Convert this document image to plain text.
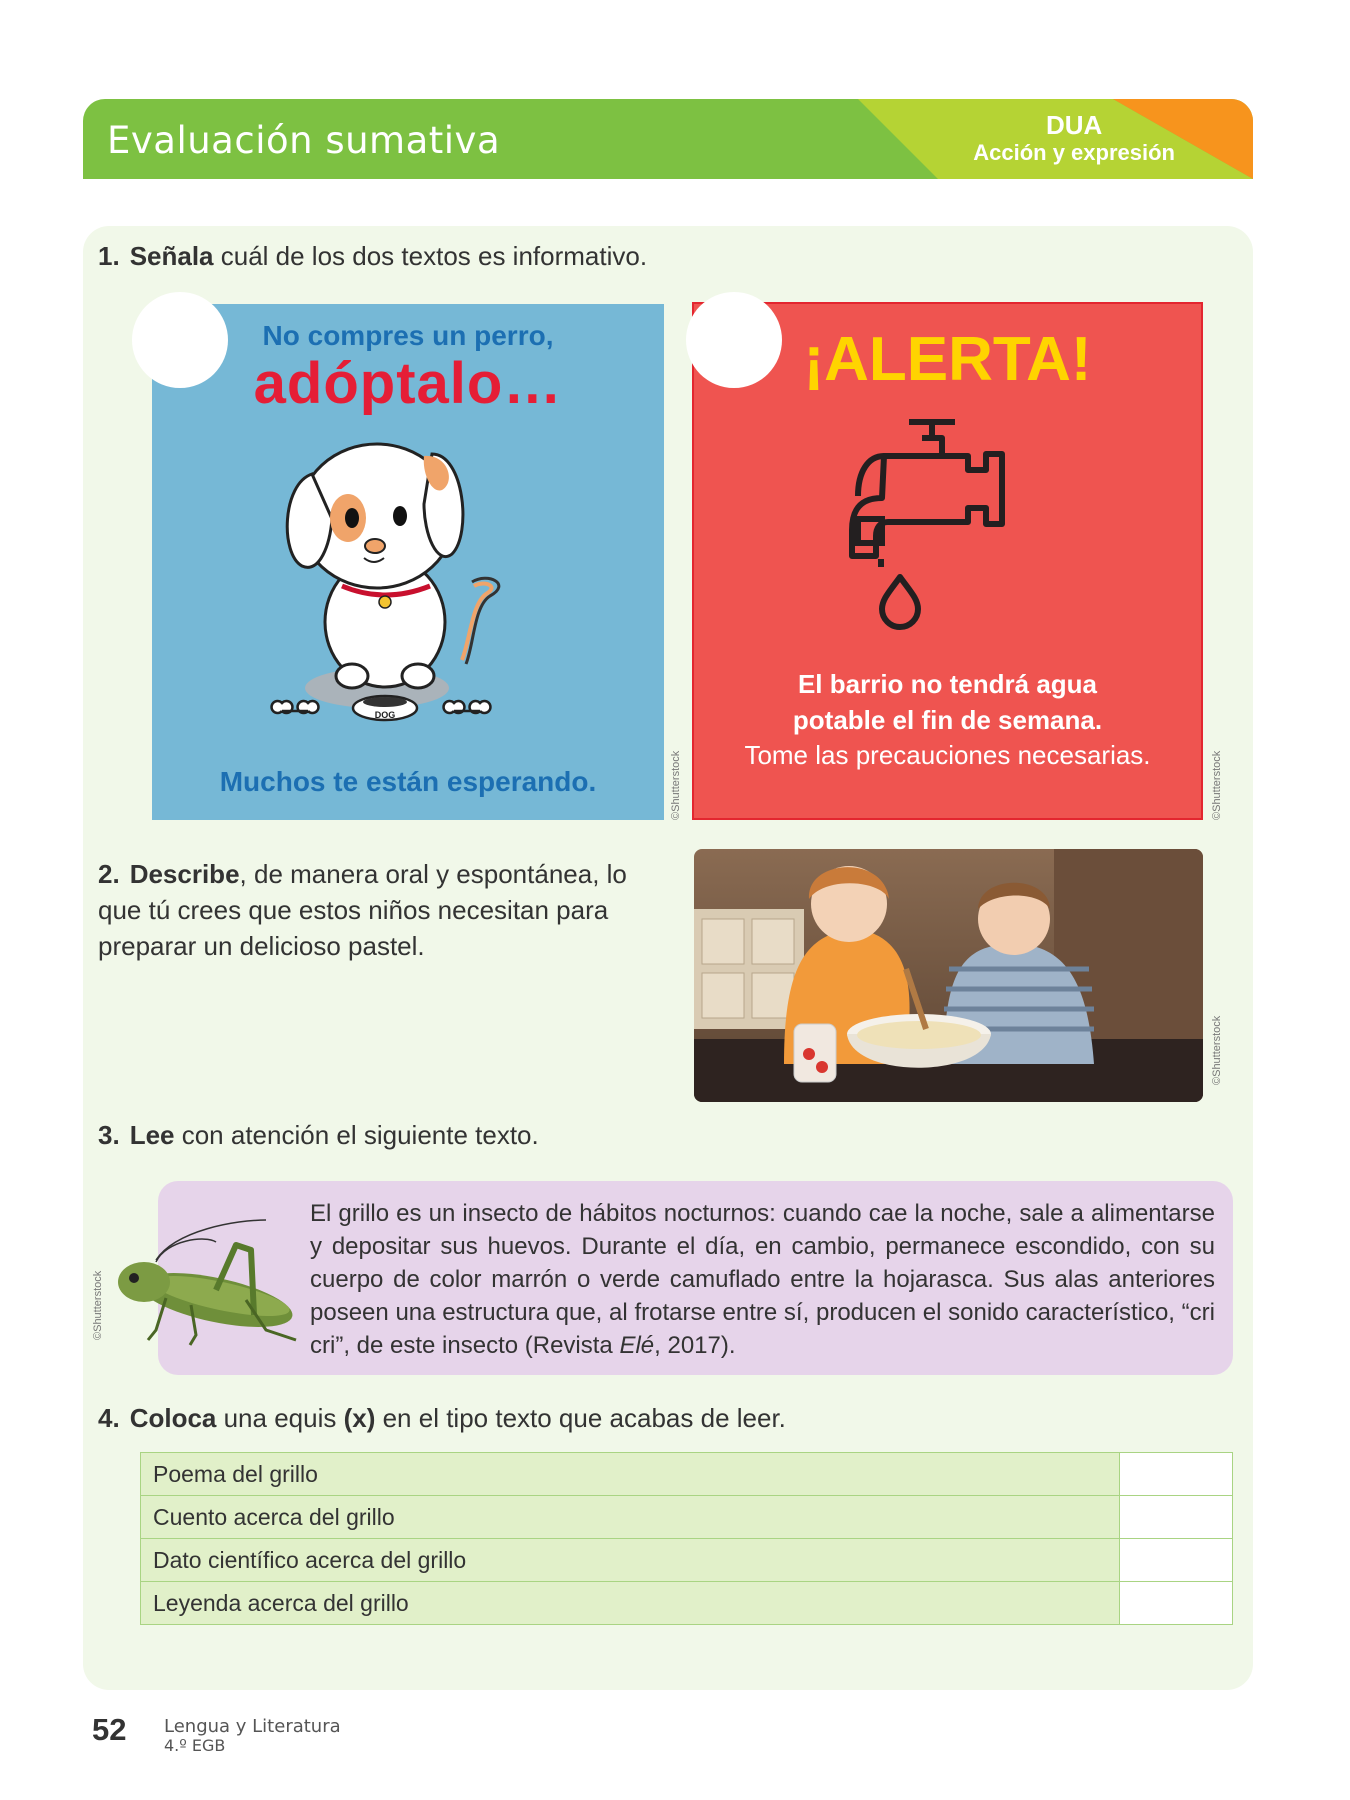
Evaluación sumativa	DUA
Acción y expresión
1. Señala cuál de los dos textos es informativo.
No compres un perro,
adóptalo…
DOG
Muchos te están esperando.	©Shutterstock
¡ALERTA!
El barrio no tendrá agua potable el fin de semana.
Tome las precauciones necesarias.	©Shutterstock
2. Describe, de manera oral y espontánea, lo que tú crees que estos niños necesitan para preparar un delicioso pastel.
©Shutterstock
3. Lee con atención el siguiente texto.

El grillo es un insecto de hábitos nocturnos: cuando cae la noche, sale a alimentarse y depositar sus huevos. Durante el día, en cambio, permanece escondido, con su cuerpo de color marrón o verde camuflado entre la hojarasca. Sus alas anteriores poseen una estructura que, al frotarse entre sí, producen el sonido característico, “cri cri”, de este insecto (Revista Elé, 2017).

©Shutterstock
4. Coloca una equis (x) en el tipo texto que acabas de leer.
Poema del grillo	
Cuento acerca del grillo	
Dato científico acerca del grillo	
Leyenda acerca del grillo	
52 Lengua y Literatura
4.º EGB
